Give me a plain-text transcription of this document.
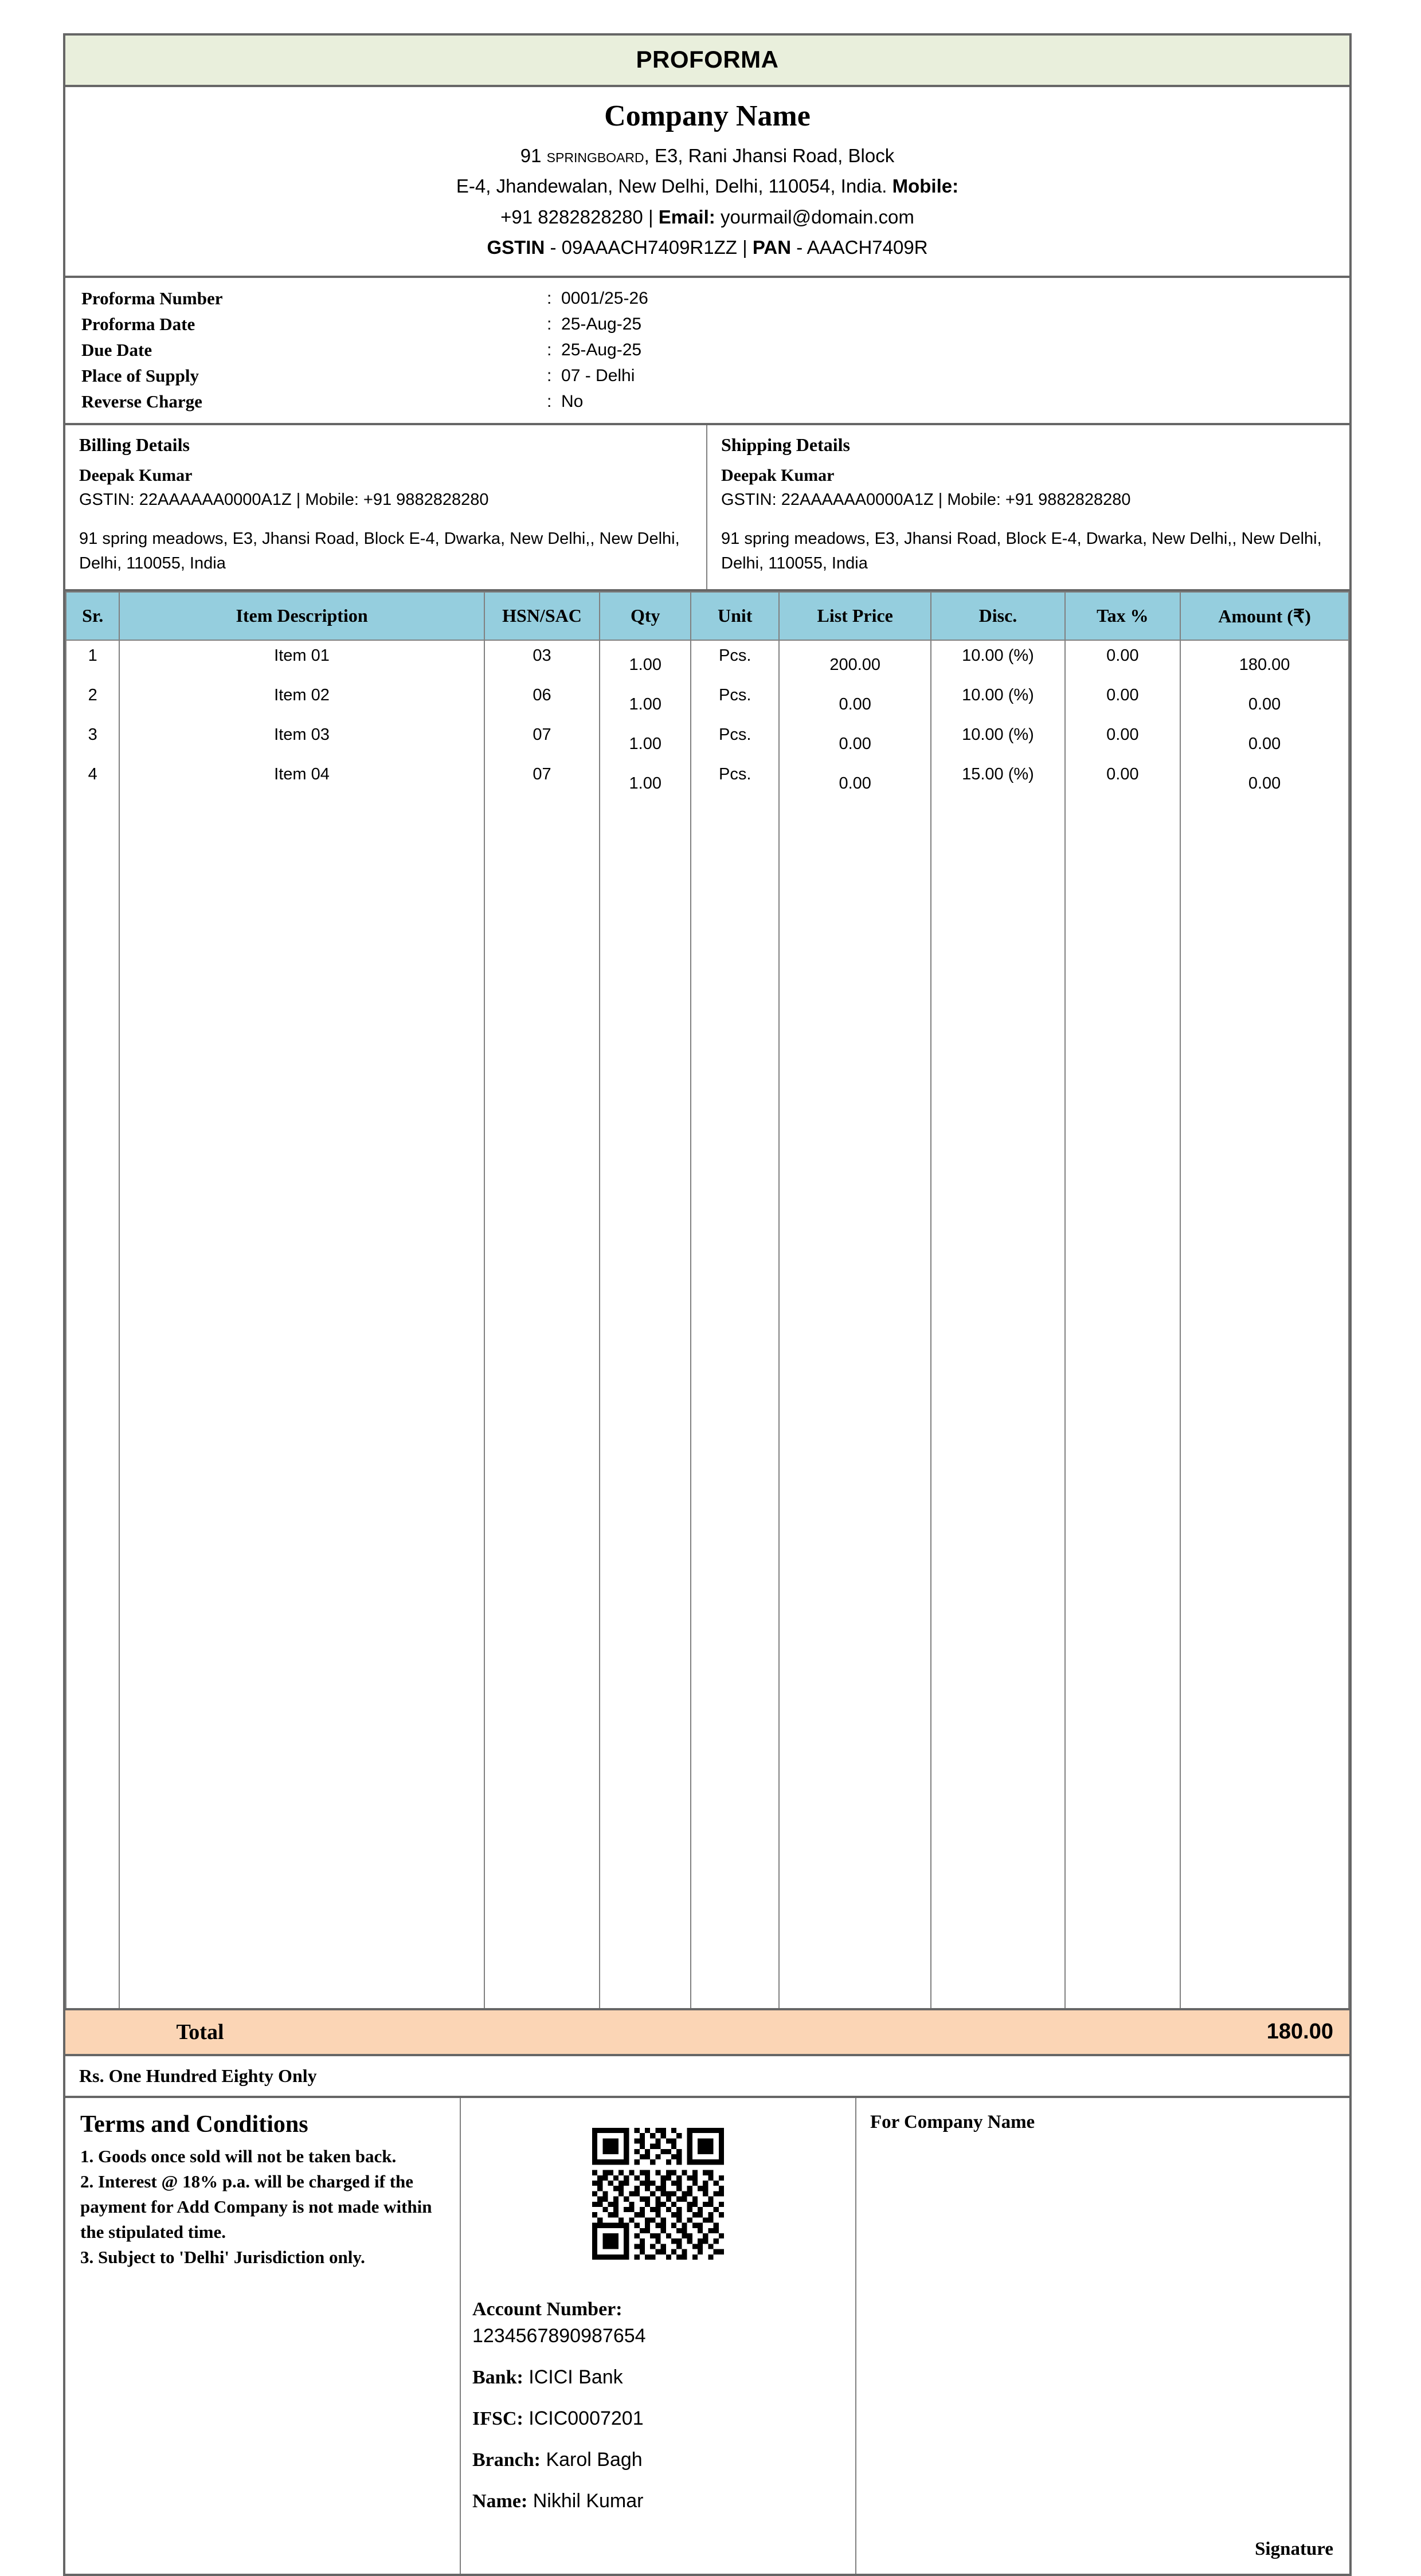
PROFORMA
Company Name
91 springboard, E3, Rani Jhansi Road, Block
E-4, Jhandewalan, New Delhi, Delhi, 110054, India. Mobile:
+91 8282828280 | Email: yourmail@domain.com
GSTIN - 09AAACH7409R1ZZ | PAN - AAACH7409R
Proforma Number	:  0001/25-26
Proforma Date	:  25-Aug-25
Due Date	:  25-Aug-25
Place of Supply	:  07 - Delhi
Reverse Charge	:  No
Billing Details
Deepak Kumar
GSTIN: 22AAAAAA0000A1Z | Mobile: +91 9882828280
91 spring meadows, E3, Jhansi Road, Block E-4, Dwarka, New Delhi,, New Delhi, Delhi, 110055, India
Shipping Details
Deepak Kumar
GSTIN: 22AAAAAA0000A1Z | Mobile: +91 9882828280
91 spring meadows, E3, Jhansi Road, Block E-4, Dwarka, New Delhi,, New Delhi, Delhi, 110055, India
Sr.	Item Description	HSN/SAC	Qty	Unit	List Price	Disc.	Tax %	Amount (₹)
1	Item 01	03	1.00	Pcs.	200.00	10.00 (%)	0.00	180.00

2	Item 02	06	1.00	Pcs.	0.00	10.00 (%)	0.00	0.00

3	Item 03	07	1.00	Pcs.	0.00	10.00 (%)	0.00	0.00

4	Item 04	07	1.00	Pcs.	0.00	15.00 (%)	0.00	0.00

Total	180.00
Rs. One Hundred Eighty Only
Terms and Conditions
1. Goods once sold will not be taken back.
2. Interest @ 18% p.a. will be charged if the payment for Add Company is not made within the stipulated time.
3. Subject to 'Delhi' Jurisdiction only.
Account Number:
1234567890987654
Bank: ICICI Bank
IFSC: ICIC0007201
Branch: Karol Bagh
Name: Nikhil Kumar
For Company Name
Signature
